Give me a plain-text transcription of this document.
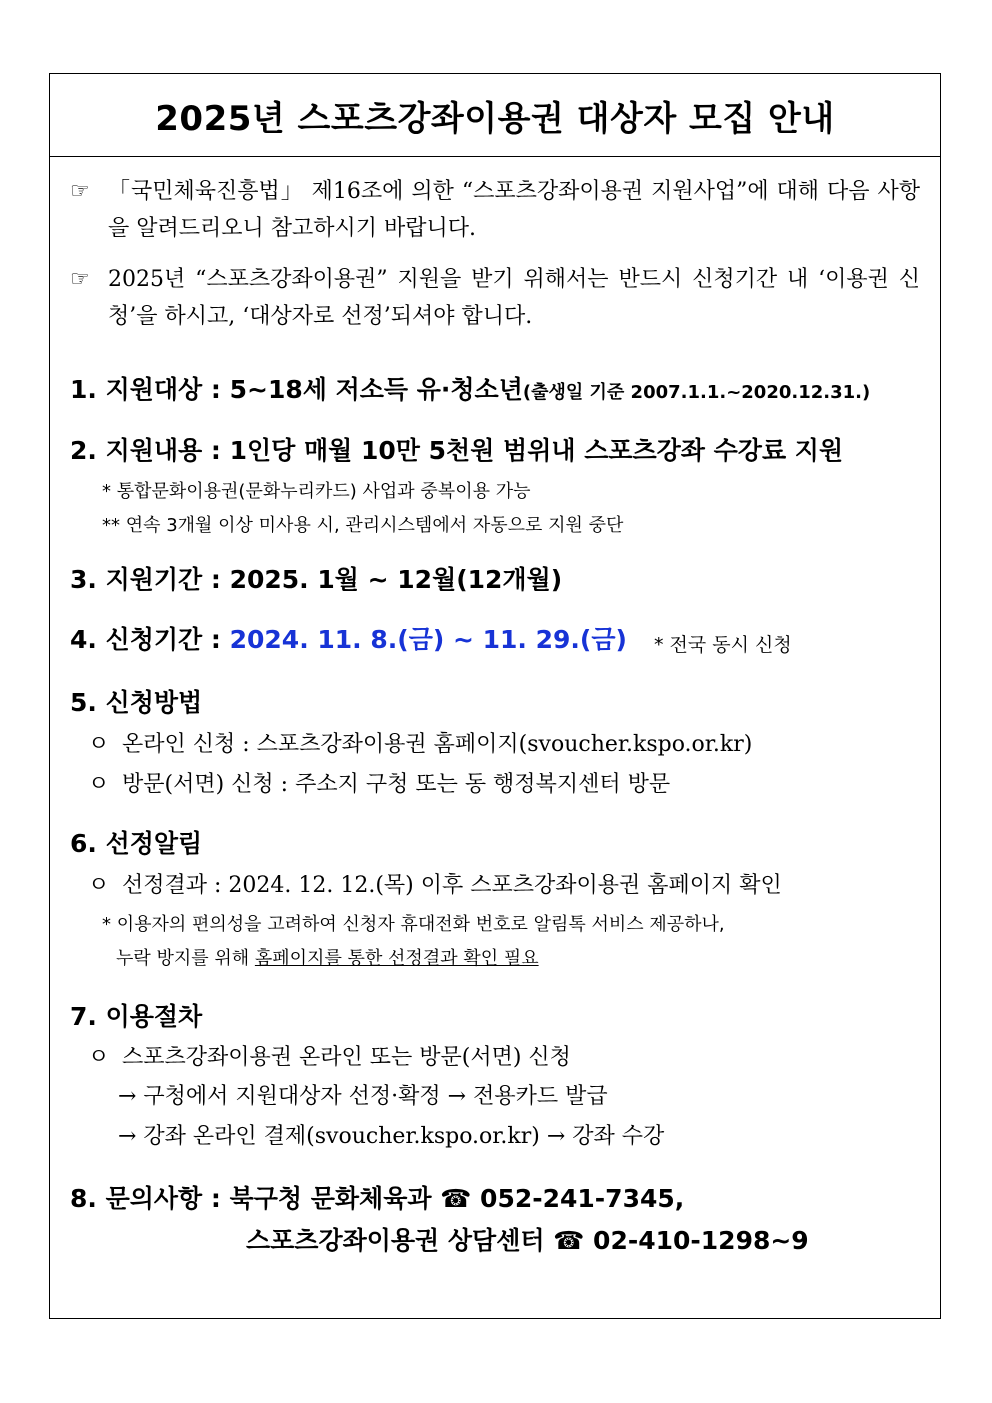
2025년 스포츠강좌이용권 대상자 모집 안내
☞ 「국민체육진흥법」 제16조에 의한 “스포츠강좌이용권 지원사업”에 대해 다음 사항을 알려드리오니 참고하시기 바랍니다.
☞ 2025년 “스포츠강좌이용권” 지원을 받기 위해서는 반드시 신청기간 내 ‘이용권 신청’을 하시고, ‘대상자로 선정’되셔야 합니다.
1. 지원대상 : 5~18세 저소득 유·청소년(출생일 기준 2007.1.1.~2020.12.31.)
2. 지원내용 : 1인당 매월 10만 5천원 범위내 스포츠강좌 수강료 지원
* 통합문화이용권(문화누리카드) 사업과 중복이용 가능
** 연속 3개월 이상 미사용 시, 관리시스템에서 자동으로 지원 중단
3. 지원기간 : 2025. 1월 ~ 12월(12개월)
4. 신청기간 : 2024. 11. 8.(금) ~ 11. 29.(금)	* 전국 동시 신청
5. 신청방법
ㅇ 온라인 신청 : 스포츠강좌이용권 홈페이지(svoucher.kspo.or.kr)
ㅇ 방문(서면) 신청 : 주소지 구청 또는 동 행정복지센터 방문
6. 선정알림
ㅇ 선정결과 : 2024. 12. 12.(목) 이후 스포츠강좌이용권 홈페이지 확인
* 이용자의 편의성을 고려하여 신청자 휴대전화 번호로 알림톡 서비스 제공하나,
누락 방지를 위해 홈페이지를 통한 선정결과 확인 필요
7. 이용절차
ㅇ 스포츠강좌이용권 온라인 또는 방문(서면) 신청
→ 구청에서 지원대상자 선정·확정 → 전용카드 발급
→ 강좌 온라인 결제(svoucher.kspo.or.kr) → 강좌 수강
8. 문의사항 : 북구청 문화체육과 ☎ 052-241-7345,
스포츠강좌이용권 상담센터 ☎ 02-410-1298~9
